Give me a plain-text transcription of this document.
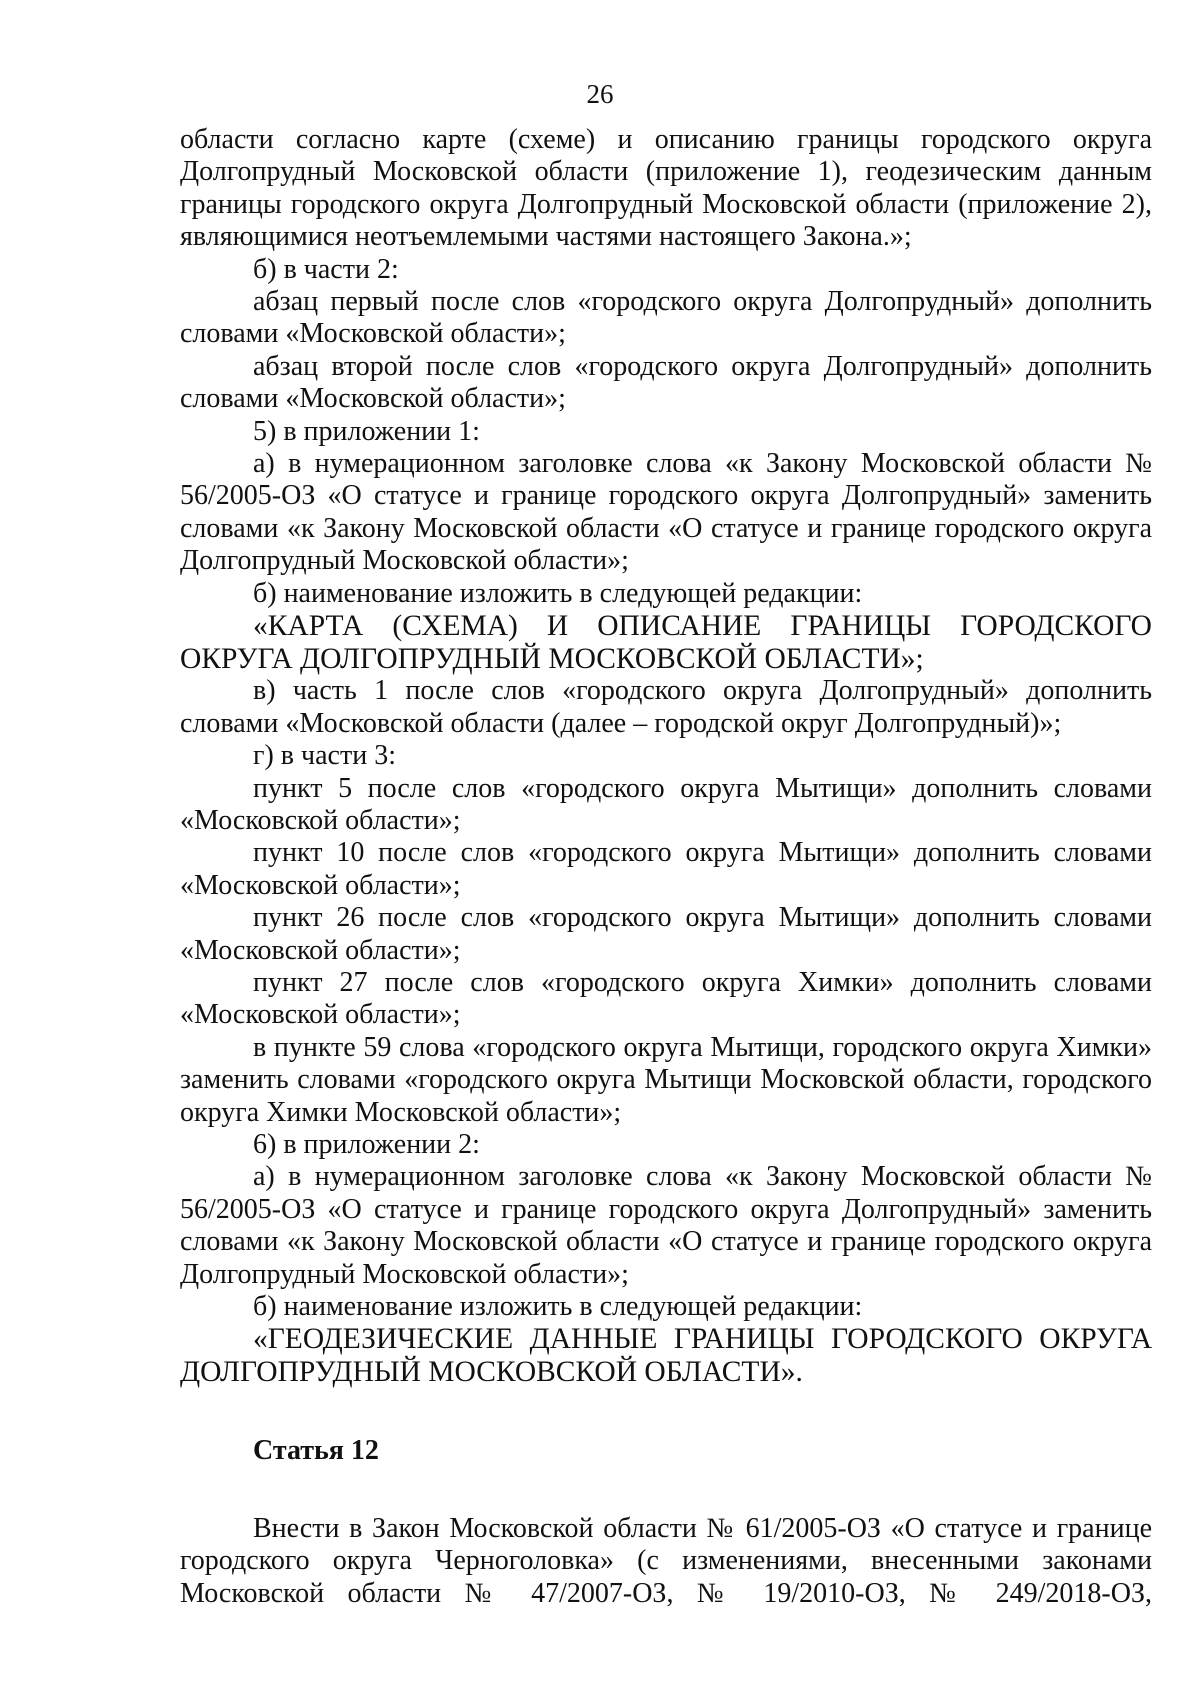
26

области согласно карте (схеме) и описанию границы городского округа Долгопрудный Московской области (приложение 1), геодезическим данным границы городского округа Долгопрудный Московской области (приложение 2), являющимися неотъемлемыми частями настоящего Закона.»;

б) в части 2:

абзац первый после слов «городского округа Долгопрудный» дополнить словами «Московской области»;

абзац второй после слов «городского округа Долгопрудный» дополнить словами «Московской области»;

5) в приложении 1:

а) в нумерационном заголовке слова «к Закону Московской области № 56/2005-ОЗ «О статусе и границе городского округа Долгопрудный» заменить словами «к Закону Московской области «О статусе и границе городского округа Долгопрудный Московской области»;

б) наименование изложить в следующей редакции:

«КАРТА (СХЕМА) И ОПИСАНИЕ ГРАНИЦЫ ГОРОДСКОГО ОКРУГА ДОЛГОПРУДНЫЙ МОСКОВСКОЙ ОБЛАСТИ»;

в) часть 1 после слов «городского округа Долгопрудный» дополнить словами «Московской области (далее – городской округ Долгопрудный)»;

г) в части 3:

пункт 5 после слов «городского округа Мытищи» дополнить словами «Московской области»;

пункт 10 после слов «городского округа Мытищи» дополнить словами «Московской области»;

пункт 26 после слов «городского округа Мытищи» дополнить словами «Московской области»;

пункт 27 после слов «городского округа Химки» дополнить словами «Московской области»;

в пункте 59 слова «городского округа Мытищи, городского округа Химки» заменить словами «городского округа Мытищи Московской области, городского округа Химки Московской области»;

6) в приложении 2:

а) в нумерационном заголовке слова «к Закону Московской области № 56/2005-ОЗ «О статусе и границе городского округа Долгопрудный» заменить словами «к Закону Московской области «О статусе и границе городского округа Долгопрудный Московской области»;

б) наименование изложить в следующей редакции:

«ГЕОДЕЗИЧЕСКИЕ ДАННЫЕ ГРАНИЦЫ ГОРОДСКОГО ОКРУГА ДОЛГОПРУДНЫЙ МОСКОВСКОЙ ОБЛАСТИ».

Статья 12

Внести в Закон Московской области № 61/2005-ОЗ «О статусе и границе городского округа Черноголовка» (с изменениями, внесенными законами Московской области № 47/2007-ОЗ, № 19/2010-ОЗ, № 249/2018-ОЗ,
